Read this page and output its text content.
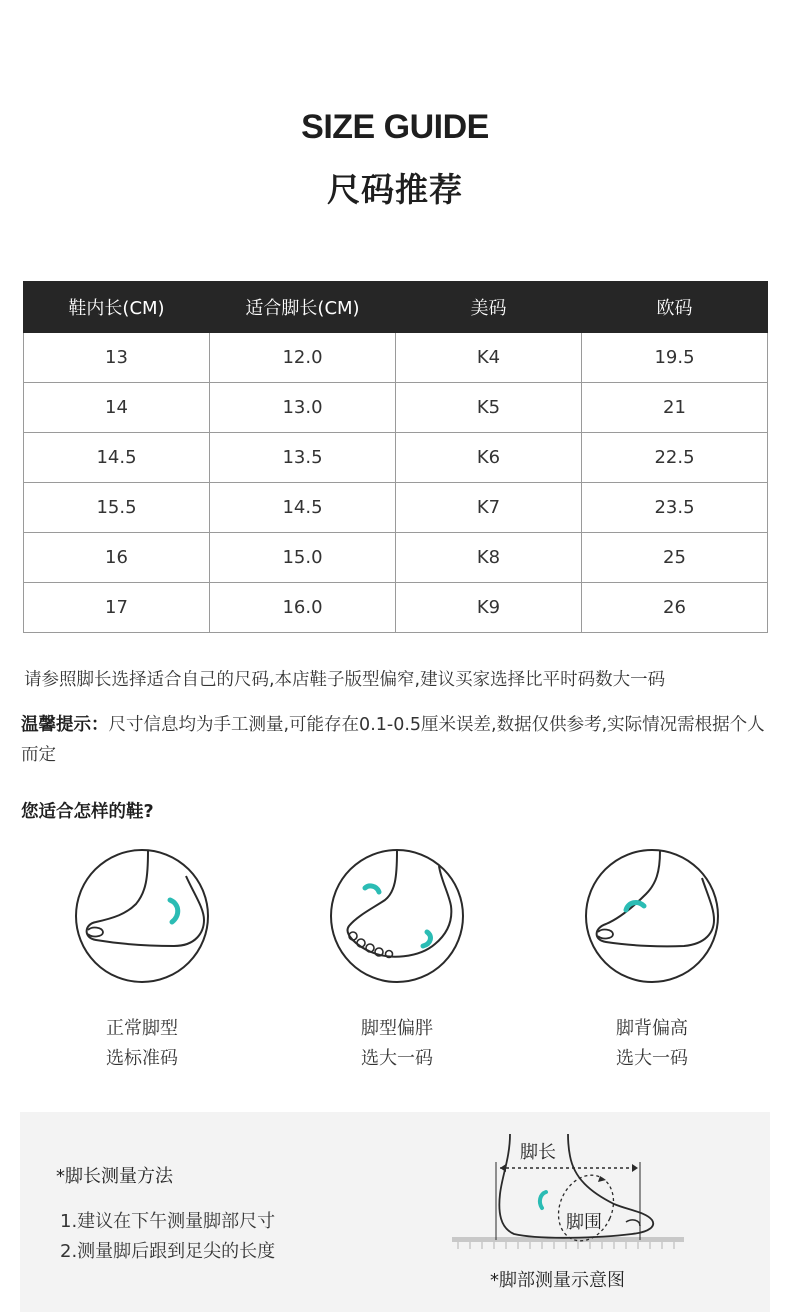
SIZE GUIDE
尺码推荐
鞋内长(CM)	适合脚长(CM)	美码	欧码
13	12.0	K4	19.5
14	13.0	K5	21
14.5	13.5	K6	22.5
15.5	14.5	K7	23.5
16	15.0	K8	25
17	16.0	K9	26
请参照脚长选择适合自己的尺码,本店鞋子版型偏窄,建议买家选择比平时码数大一码
温馨提示：尺寸信息均为手工测量,可能存在0.1-0.5厘米误差,数据仅供参考,实际情况需根据个人而定
您适合怎样的鞋?
正常脚型
选标准码
脚型偏胖
选大一码
脚背偏高
选大一码
*脚长测量方法
1.建议在下午测量脚部尺寸
2.测量脚后跟到足尖的长度
脚长
脚围
*脚部测量示意图
